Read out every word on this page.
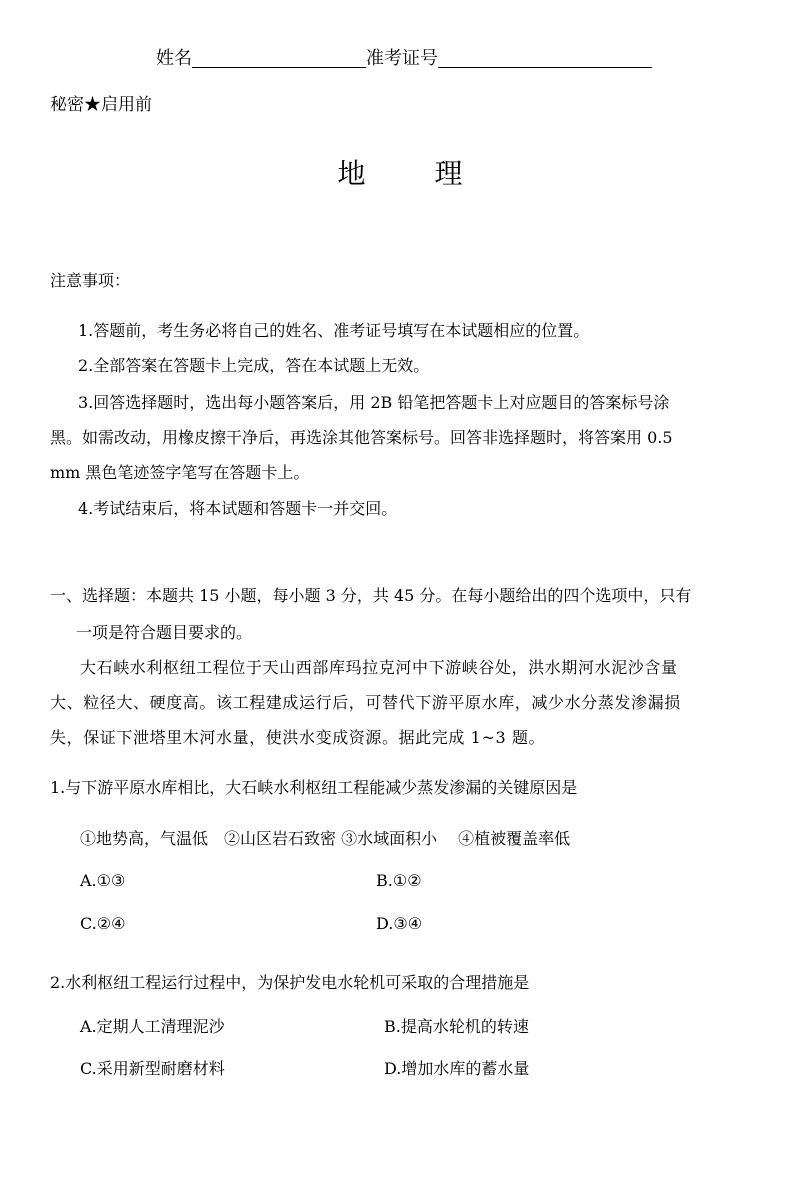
姓名	准考证号
秘密★启用前
地 理
注意事项：
1.答题前，考生务必将自己的姓名、准考证号填写在本试题相应的位置。
2.全部答案在答题卡上完成，答在本试题上无效。
3.回答选择题时，选出每小题答案后，用 2B 铅笔把答题卡上对应题目的答案标号涂
黑。如需改动，用橡皮擦干净后，再选涂其他答案标号。回答非选择题时，将答案用 0.5
mm 黑色笔迹签字笔写在答题卡上。
4.考试结束后，将本试题和答题卡一并交回。
一、选择题：本题共 15 小题，每小题 3 分，共 45 分。在每小题给出的四个选项中，只有
一项是符合题目要求的。
大石峡水利枢纽工程位于天山西部库玛拉克河中下游峡谷处，洪水期河水泥沙含量
大、粒径大、硬度高。该工程建成运行后，可替代下游平原水库，减少水分蒸发渗漏损
失，保证下泄塔里木河水量，使洪水变成资源。据此完成 1~3 题。
1.与下游平原水库相比，大石峡水利枢纽工程能减少蒸发渗漏的关键原因是
①地势高，气温低　②山区岩石致密 ③水域面积小　 ④植被覆盖率低
A.①③	B.①②
C.②④	D.③④
2.水利枢纽工程运行过程中，为保护发电水轮机可采取的合理措施是
A.定期人工清理泥沙	B.提高水轮机的转速
C.采用新型耐磨材料	D.增加水库的蓄水量
